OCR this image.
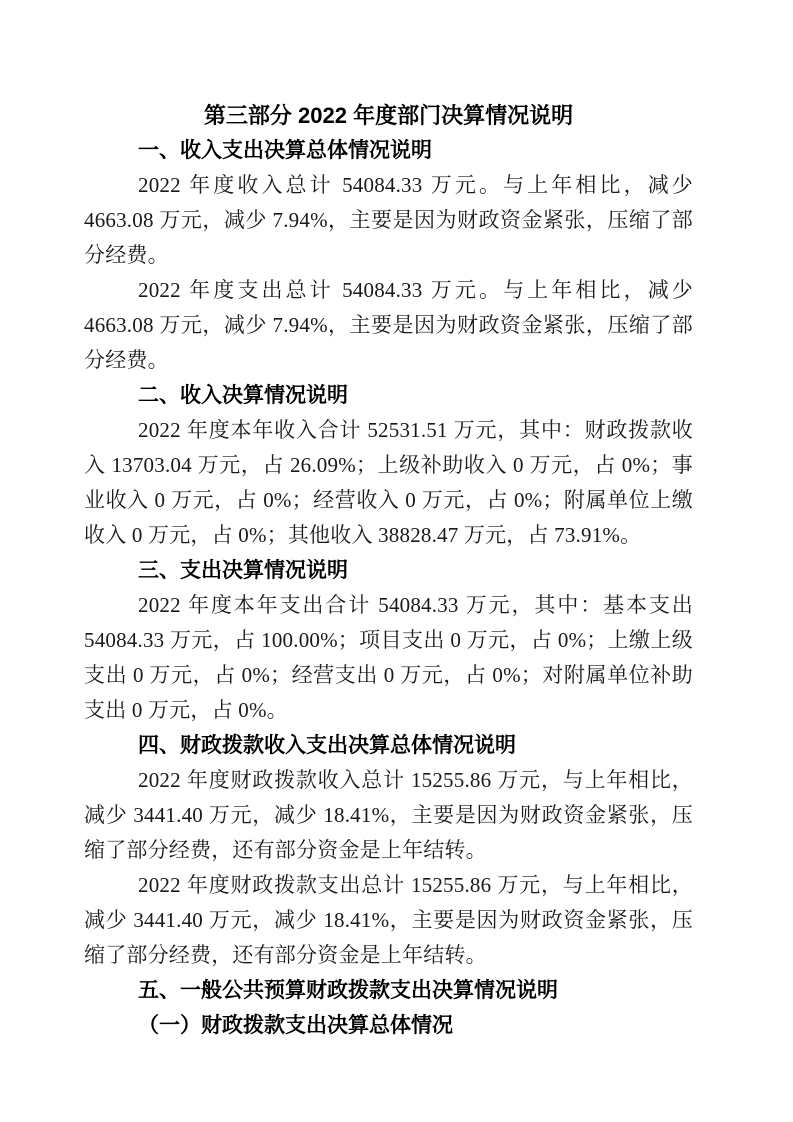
第三部分 2022 年度部门决算情况说明
一、收入支出决算总体情况说明

2022 年度收入总计 54084.33 万元。与上年相比，减少 4663.08 万元，减少 7.94%，主要是因为财政资金紧张，压缩了部分经费。

2022 年度支出总计 54084.33 万元。与上年相比，减少 4663.08 万元，减少 7.94%，主要是因为财政资金紧张，压缩了部分经费。

二、收入决算情况说明

2022 年度本年收入合计 52531.51 万元，其中：财政拨款收入 13703.04 万元，占 26.09%；上级补助收入 0 万元，占 0%；事业收入 0 万元，占 0%；经营收入 0 万元，占 0%；附属单位上缴收入 0 万元，占 0%；其他收入 38828.47 万元，占 73.91%。

三、支出决算情况说明

2022 年度本年支出合计 54084.33 万元，其中：基本支出 54084.33 万元，占 100.00%；项目支出 0 万元，占 0%；上缴上级支出 0 万元，占 0%；经营支出 0 万元，占 0%；对附属单位补助支出 0 万元，占 0%。

四、财政拨款收入支出决算总体情况说明

2022 年度财政拨款收入总计 15255.86 万元，与上年相比，减少 3441.40 万元，减少 18.41%，主要是因为财政资金紧张，压缩了部分经费，还有部分资金是上年结转。

2022 年度财政拨款支出总计 15255.86 万元，与上年相比，减少 3441.40 万元，减少 18.41%，主要是因为财政资金紧张，压缩了部分经费，还有部分资金是上年结转。

五、一般公共预算财政拨款支出决算情况说明
（一）财政拨款支出决算总体情况
